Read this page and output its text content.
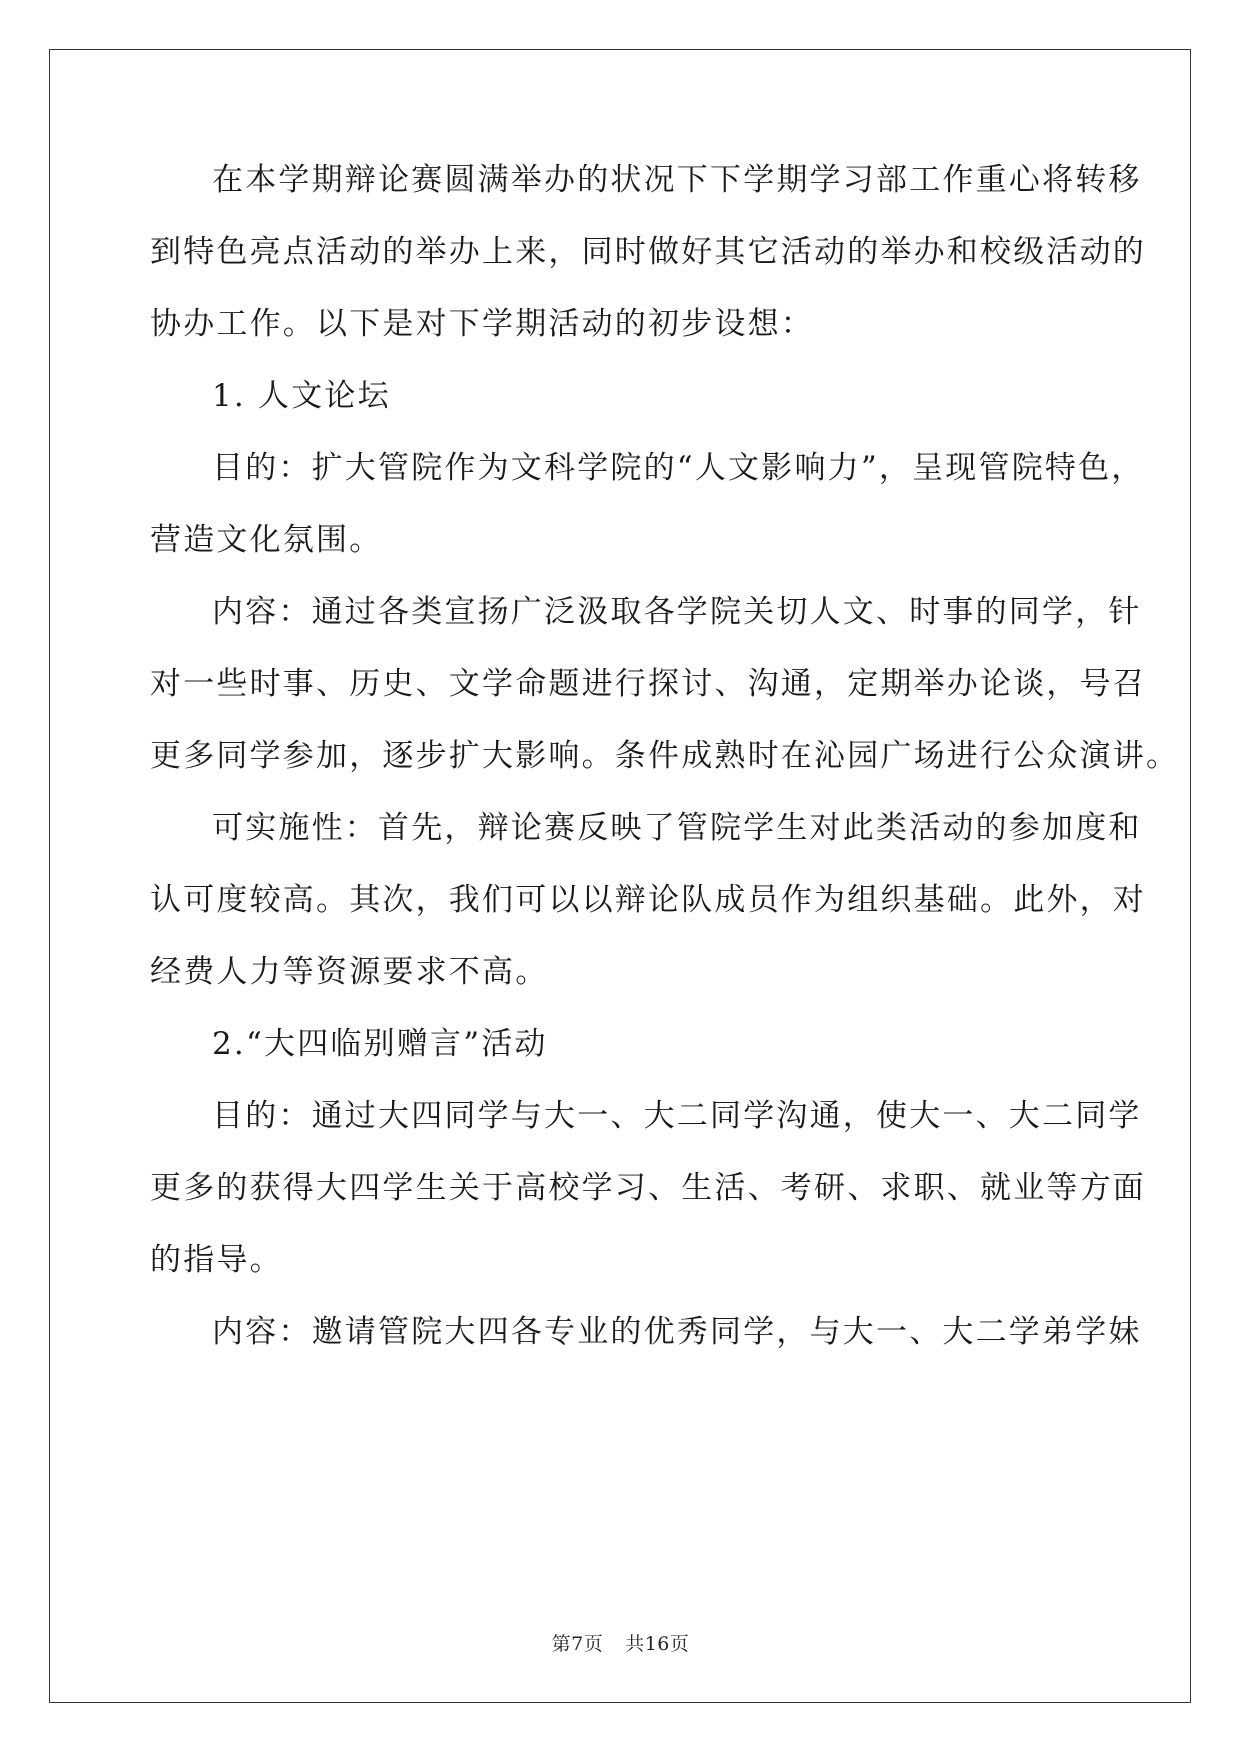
在本学期辩论赛圆满举办的状况下下学期学习部工作重心将转移
到特色亮点活动的举办上来，同时做好其它活动的举办和校级活动的
协办工作。以下是对下学期活动的初步设想：
1. 人文论坛
目的：扩大管院作为文科学院的“人文影响力”，呈现管院特色，
营造文化氛围。
内容：通过各类宣扬广泛汲取各学院关切人文、时事的同学，针
对一些时事、历史、文学命题进行探讨、沟通，定期举办论谈，号召
更多同学参加，逐步扩大影响。条件成熟时在沁园广场进行公众演讲。
可实施性：首先，辩论赛反映了管院学生对此类活动的参加度和
认可度较高。其次，我们可以以辩论队成员作为组织基础。此外，对
经费人力等资源要求不高。
2.“大四临别赠言”活动
目的：通过大四同学与大一、大二同学沟通，使大一、大二同学
更多的获得大四学生关于高校学习、生活、考研、求职、就业等方面
的指导。
内容：邀请管院大四各专业的优秀同学，与大一、大二学弟学妹
第7页 共16页
